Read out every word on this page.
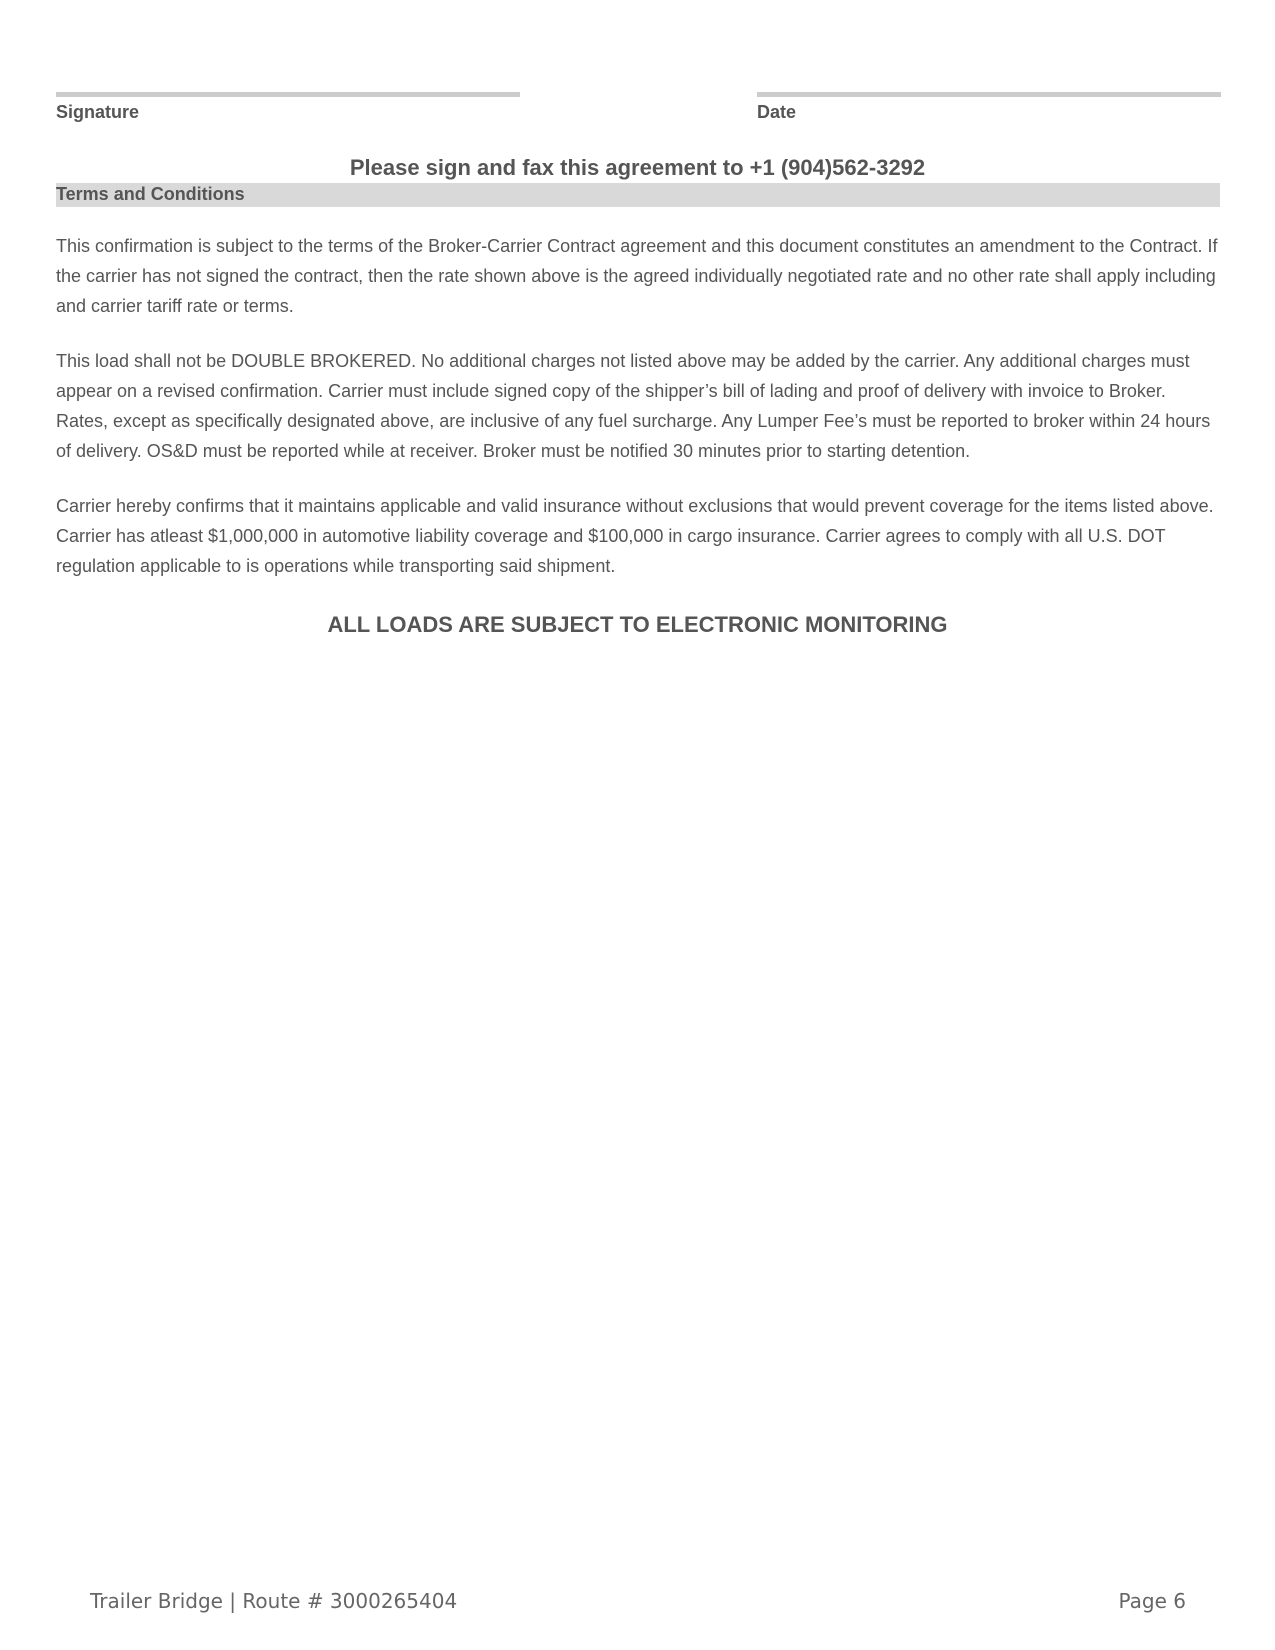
Signature	Date
Please sign and fax this agreement to +1 (904)562-3292
Terms and Conditions

This confirmation is subject to the terms of the Broker-Carrier Contract agreement and this document constitutes an amendment to the Contract. If the carrier has not signed the contract, then the rate shown above is the agreed individually negotiated rate and no other rate shall apply including and carrier tariff rate or terms.

This load shall not be DOUBLE BROKERED. No additional charges not listed above may be added by the carrier. Any additional charges must appear on a revised confirmation. Carrier must include signed copy of the shipper’s bill of lading and proof of delivery with invoice to Broker. Rates, except as specifically designated above, are inclusive of any fuel surcharge. Any Lumper Fee’s must be reported to broker within 24 hours of delivery. OS&D must be reported while at receiver. Broker must be notified 30 minutes prior to starting detention.

Carrier hereby confirms that it maintains applicable and valid insurance without exclusions that would prevent coverage for the items listed above. Carrier has atleast $1,000,000 in automotive liability coverage and $100,000 in cargo insurance. Carrier agrees to comply with all U.S. DOT regulation applicable to is operations while transporting said shipment.

ALL LOADS ARE SUBJECT TO ELECTRONIC MONITORING
Trailer Bridge | Route # 3000265404	Page 6
